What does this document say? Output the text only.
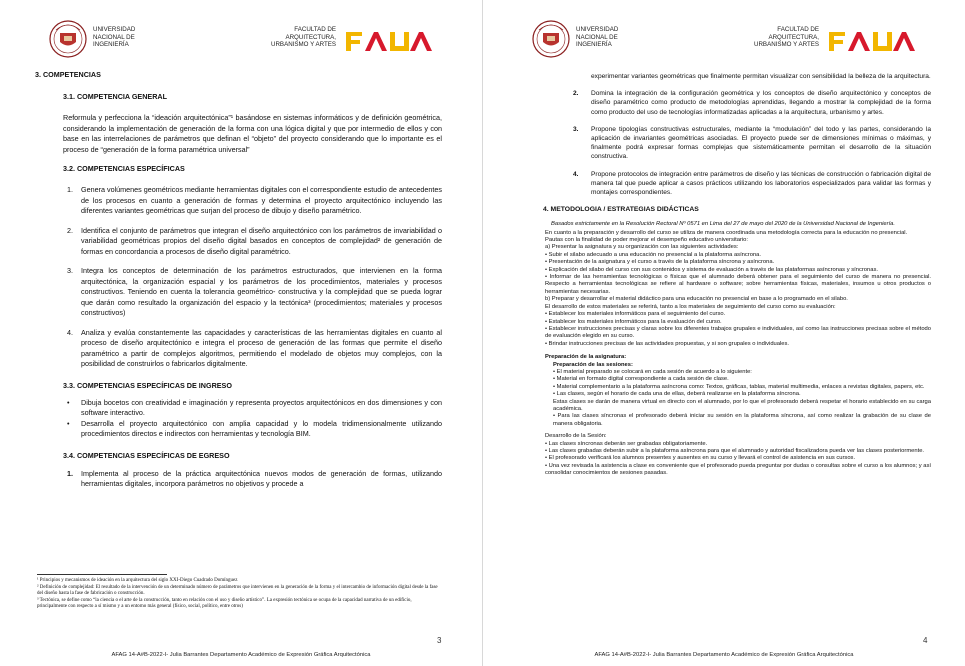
UNIVERSIDAD
NACIONAL DE
INGENIERÍA
FACULTAD DE
ARQUITECTURA,
URBANISMO Y ARTES
3. COMPETENCIAS
3.1. COMPETENCIA GENERAL
Reformula y perfecciona la “ideación arquitectónica”¹ basándose en sistemas informáticos y de definición geométrica, considerando la implementación de generación de la forma con una lógica digital y que por intermedio de ellos y con base en las interrelaciones de parámetros que definan el “objeto” del proyecto considerando que lo importante es el proceso de “generación de la forma paramétrica universal”
3.2. COMPETENCIAS ESPECÍFICAS
1.	Genera volúmenes geométricos mediante herramientas digitales con el correspondiente estudio de antecedentes de los procesos en cuanto a generación de formas y determina el proyecto arquitectónico incluyendo las diferentes variantes geométricas que surjan del proceso de dibujo y diseño paramétrico.
2.	Identifica el conjunto de parámetros que integran el diseño arquitectónico con los parámetros de invariabilidad o variabilidad geométricas propios del diseño digital basados en conceptos de complejidad² de generación de formas en concordancia a procesos de diseño digital paramétrico.
3.	Integra los conceptos de determinación de los parámetros estructurados, que intervienen en la forma arquitectónica, la organización espacial y los parámetros de los procedimientos, materiales y procesos constructivos. Teniendo en cuenta la tolerancia geométrico- constructiva y la complejidad que se pueda lograr que darán como resultado la organización del espacio y la tectónica³ (procedimientos; materiales y procesos constructivos)
4.	Analiza y evalúa constantemente las capacidades y características de las herramientas digitales en cuanto al proceso de diseño arquitectónico e integra el proceso de generación de las formas que permite el diseño paramétrico a partir de complejos algoritmos, permitiendo el modelado de objetos muy complejos, con la posibilidad de construirlos o fabricarlos digitalmente.
3.3. COMPETENCIAS ESPECÍFICAS DE INGRESO
•	Dibuja bocetos con creatividad e imaginación y representa proyectos arquitectónicos en dos dimensiones y con software interactivo.
•	Desarrolla el proyecto arquitectónico con amplia capacidad y lo modela tridimensionalmente utilizando procedimientos directos e indirectos con herramientas y tecnología BIM.
3.4. COMPETENCIAS ESPECÍFICAS DE EGRESO
1.	Implementa al proceso de la práctica arquitectónica nuevos modos de generación de formas, utilizando herramientas digitales, incorpora parámetros no objetivos y procede a
¹ Principios y mecanismos de ideación en la arquitectura del siglo XXI-Diego Cuadrado Domínguez
² Definición de complejidad: El resultado de la intervención de un determinado número de parámetros que intervienen en la generación de la forma y el intercambio de información digital desde la fase del diseño hasta la fase de fabricación o construcción.
³ Tectónica, se define como “la ciencia o el arte de la construcción, tanto en relación con el uso y diseño artístico”. La expresión tectónica se ocupa de la capacidad narrativa de un edificio, principalmente con respecto a sí mismo y a un entorno más general (físico, social, político, entre otros)
3
AFAG 14-A#B-2022-I- Julia Barrantes Departamento Académico de Expresión Gráfica Arquitectónica
UNIVERSIDAD
NACIONAL DE
INGENIERÍA
FACULTAD DE
ARQUITECTURA,
URBANISMO Y ARTES
experimentar variantes geométricas que finalmente permitan visualizar con sensibilidad la belleza de la arquitectura.
2.	Domina la integración de la configuración geométrica y los conceptos de diseño arquitectónico y conceptos de diseño paramétrico como producto de metodologías aprendidas, llegando a mostrar la complejidad de la forma como producto del uso de tecnologías informatizadas aplicadas a la arquitectura, urbanismo y artes.
3.	Propone tipologías constructivas estructurales, mediante la “modulación” del todo y las partes, considerando la aplicación de invariantes geométricas asociadas. El proyecto puede ser de dimensiones mínimas o máximas, y finalmente podrá expresar formas complejas que sistemáticamente permitan el desarrollo de la situación constructiva.
4.	Propone protocolos de integración entre parámetros de diseño y las técnicas de construcción o fabricación digital de manera tal que puede aplicar a casos prácticos utilizando los laboratorios especializados para validar las formas y montajes correspondientes.
4. METODOLOGIA / ESTRATEGIAS DIDÁCTICAS
Basados estrictamente en la Resolución Rectoral Nº 0571 en Lima del 27 de mayo del 2020 de la Universidad Nacional de Ingeniería.
En cuanto a la preparación y desarrollo del curso se utiliza de manera coordinada una metodología correcta para la educación no presencial.
Pautas con la finalidad de poder mejorar el desempeño educativo universitario:
a) Presentar la asignatura y su organización con las siguientes actividades:
• Subir el silabo adecuado a una educación no presencial a la plataforma asíncrona.
• Presentación de la asignatura y el curso a través de la plataforma síncrona y asíncrona.
• Explicación del silabo del curso con sus contenidos y sistema de evaluación a través de las plataformas asíncronas y síncronas.
• Informar de las herramientas tecnológicas o físicas que el alumnado deberá obtener para el seguimiento del curso de manera no presencial. Respecto a herramientas tecnológicas se refiere al hardware o software; sobre herramientas físicas, materiales, insumos u otros productos o herramientas necesarias.
b) Preparar y desarrollar el material didáctico para una educación no presencial en base a lo programado en el silabo.
El desarrollo de estos materiales se referirá, tanto a los materiales de seguimiento del curso como su evaluación:
• Establecer los materiales informáticos para el seguimiento del curso.
• Establecer los materiales informáticos para la evaluación del curso.
• Establecer instrucciones precisas y claras sobre los diferentes trabajos grupales e individuales, así como las instrucciones precisas sobre el método de evaluación elegido en su curso.
• Brindar instrucciones precisas de las actividades propuestas, y si son grupales o individuales.
Preparación de la asignatura:
Preparación de las sesiones:
• El material preparado se colocará en cada sesión de acuerdo a lo siguiente:
• Material en formato digital correspondiente a cada sesión de clase.
• Material complementario a la plataforma asíncrona como: Textos, gráficas, tablas, material multimedia, enlaces a revistas digitales, papers, etc.
• Las clases, según el horario de cada una de ellas, deberá realizarse en la plataforma síncrona.
Estas clases se darán de manera virtual en directo con el alumnado, por lo que el profesorado deberá respetar el horario establecido en su carga académica.
• Para las clases síncronas el profesorado deberá iniciar su sesión en la plataforma síncrona, así como realizar la grabación de su clase de manera obligatoria.
Desarrollo de la Sesión:
• Las clases síncronas deberán ser grabadas obligatoriamente.
• Las clases grabadas deberán subir a la plataforma asíncrona para que el alumnado y autoridad fiscalizadora pueda ver las clases posteriormente.
• El profesorado verificará los alumnos presentes y ausentes en su curso y llevará el control de asistencia en sus cursos.
• Una vez revisada la asistencia a clase es conveniente que el profesorado pueda preguntar por dudas o consultas sobre el curso a los alumnos; y así consolidar conocimientos de sesiones pasadas.
4
AFAG 14-A#B-2022-I- Julia Barrantes Departamento Académico de Expresión Gráfica Arquitectónica
